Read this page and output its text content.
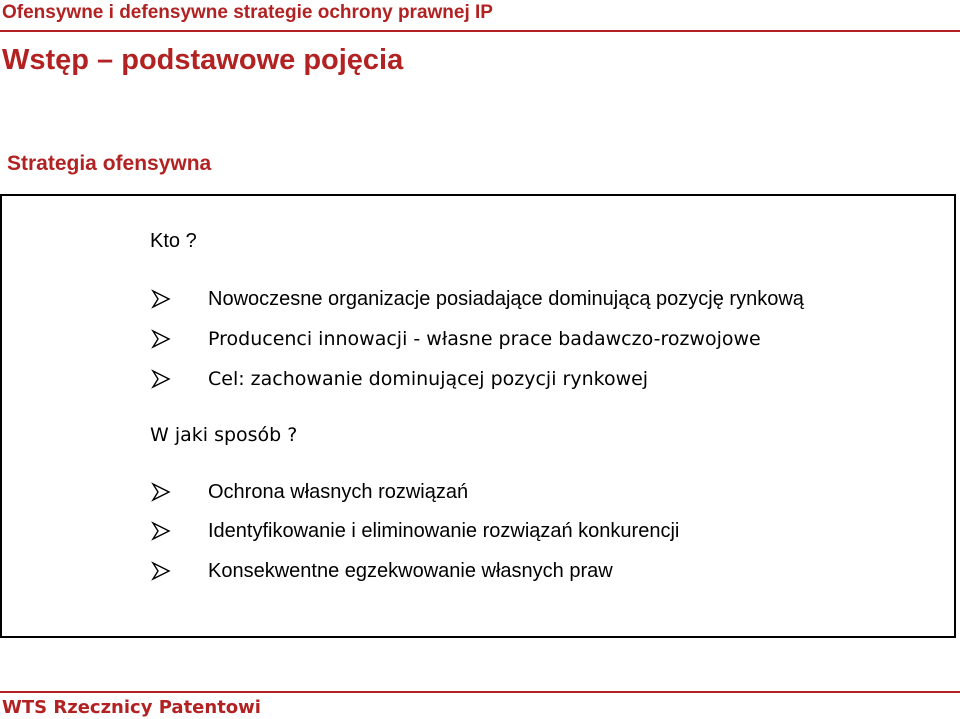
Ofensywne i defensywne strategie ochrony prawnej IP
Wstęp – podstawowe pojęcia
Strategia ofensywna
Kto ?
Nowoczesne organizacje posiadające dominującą pozycję rynkową
Producenci innowacji - własne prace badawczo-rozwojowe
Cel: zachowanie dominującej pozycji rynkowej
W jaki sposób ?
Ochrona własnych rozwiązań
Identyfikowanie i eliminowanie rozwiązań konkurencji
Konsekwentne egzekwowanie własnych praw
WTS Rzecznicy Patentowi
